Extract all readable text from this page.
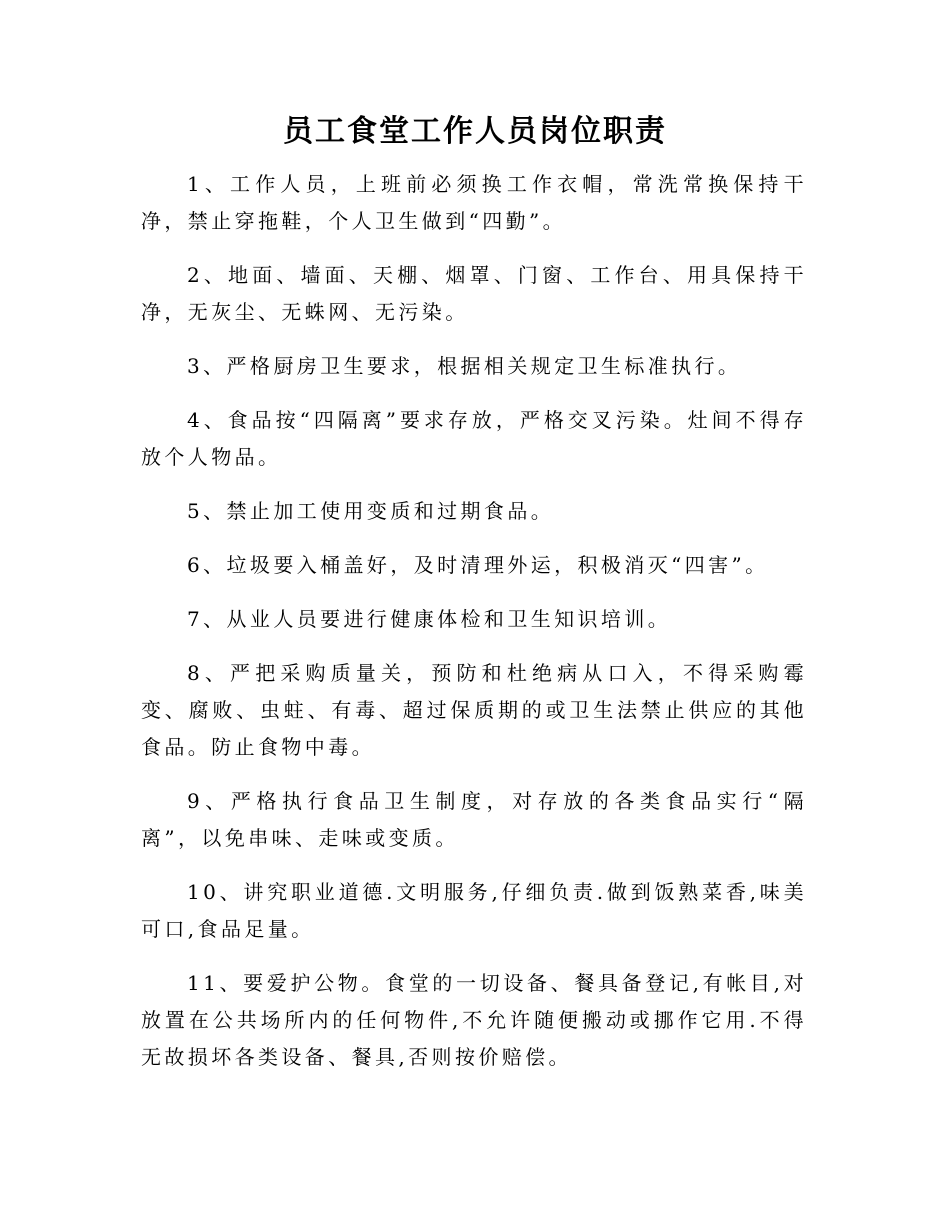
员工食堂工作人员岗位职责

1、工作人员，上班前必须换工作衣帽，常洗常换保持干净，禁止穿拖鞋，个人卫生做到“四勤”。

2、地面、墙面、天棚、烟罩、门窗、工作台、用具保持干净，无灰尘、无蛛网、无污染。

3、严格厨房卫生要求，根据相关规定卫生标准执行。

4、食品按“四隔离”要求存放，严格交叉污染。灶间不得存放个人物品。

5、禁止加工使用变质和过期食品。

6、垃圾要入桶盖好，及时清理外运，积极消灭“四害”。

7、从业人员要进行健康体检和卫生知识培训。

8、严把采购质量关，预防和杜绝病从口入，不得采购霉变、腐败、虫蛀、有毒、超过保质期的或卫生法禁止供应的其他食品。防止食物中毒。

9、严格执行食品卫生制度，对存放的各类食品实行“隔离”，以免串味、走味或变质。

10、讲究职业道德.文明服务,仔细负责.做到饭熟菜香,味美可口,食品足量。

11、要爱护公物。食堂的一切设备、餐具备登记,有帐目,对放置在公共场所内的任何物件,不允许随便搬动或挪作它用.不得无故损坏各类设备、餐具,否则按价赔偿。
